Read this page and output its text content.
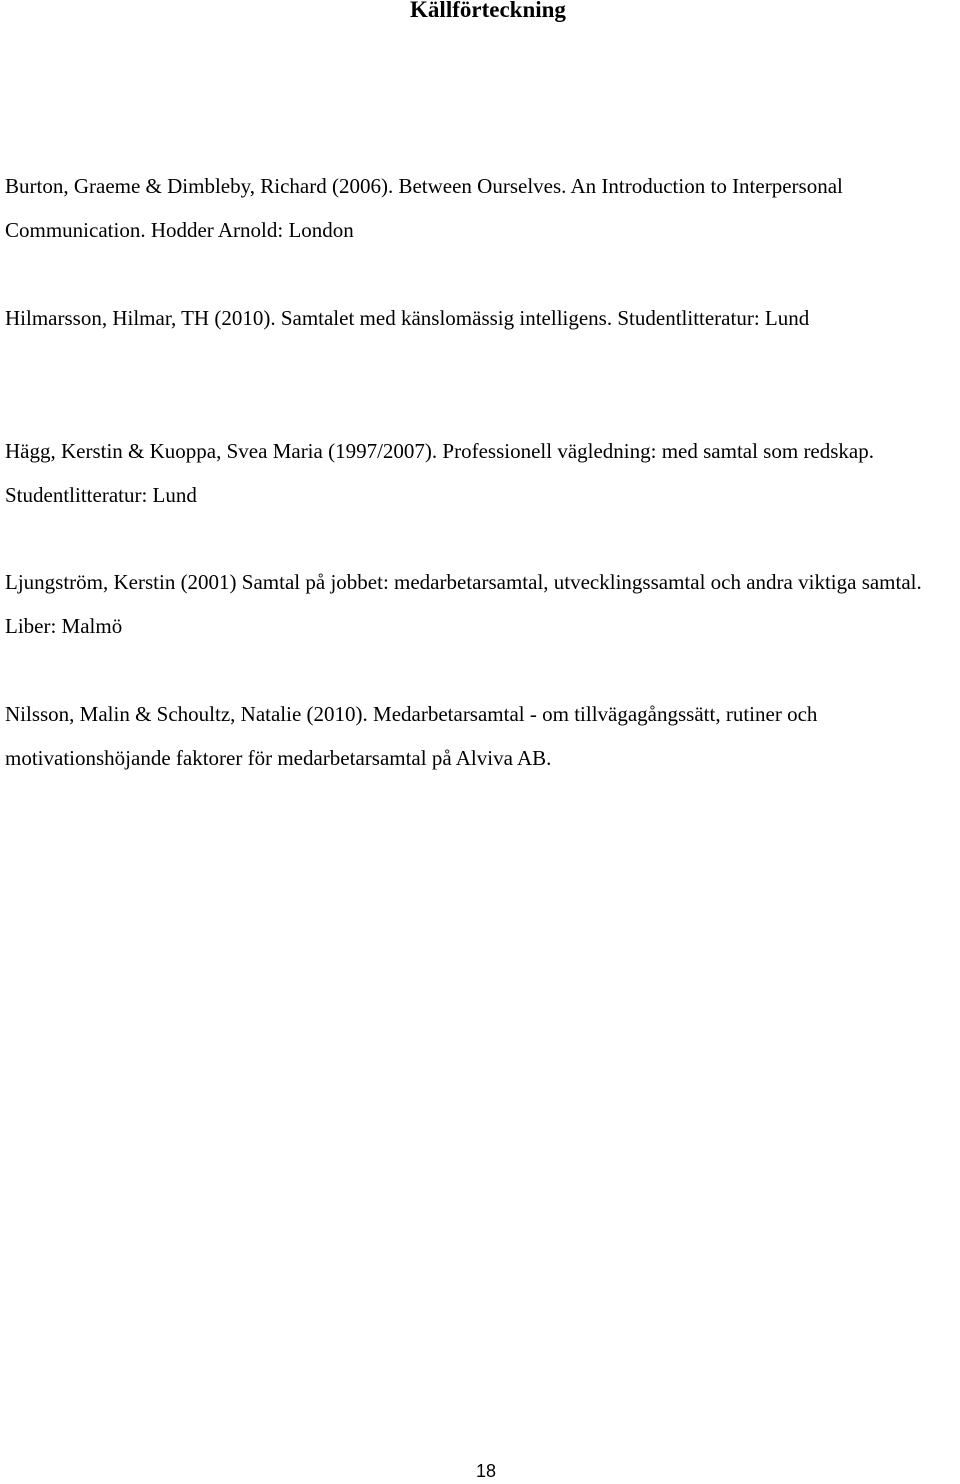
Källförteckning

Burton, Graeme & Dimbleby, Richard (2006). Between Ourselves. An Introduction to Interpersonal Communication. Hodder Arnold: London

Hilmarsson, Hilmar, TH (2010). Samtalet med känslomässig intelligens. Studentlitteratur: Lund

Hägg, Kerstin & Kuoppa, Svea Maria (1997/2007). Professionell vägledning: med samtal som redskap. Studentlitteratur: Lund

Ljungström, Kerstin (2001) Samtal på jobbet: medarbetarsamtal, utvecklingssamtal och andra viktiga samtal. Liber: Malmö

Nilsson, Malin & Schoultz, Natalie (2010). Medarbetarsamtal - om tillvägagångssätt, rutiner och motivationshöjande faktorer för medarbetarsamtal på Alviva AB.

18
